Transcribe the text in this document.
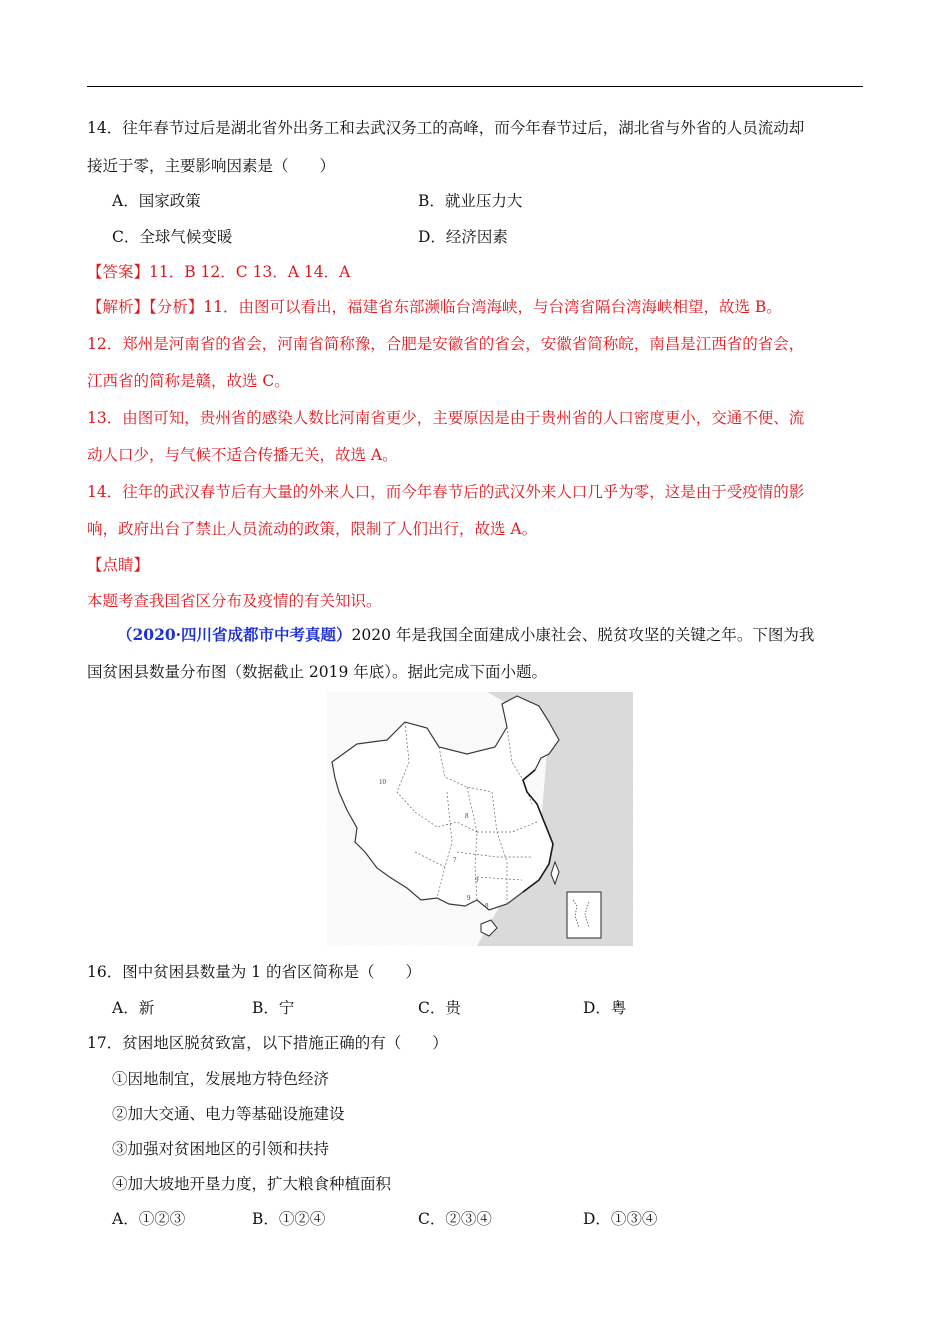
14．往年春节过后是湖北省外出务工和去武汉务工的高峰，而今年春节过后，湖北省与外省的人员流动却
接近于零，主要影响因素是（　　）
A．国家政策	B．就业压力大
C．全球气候变暖	D．经济因素
【答案】11．B 12．C 13．A 14．A
【解析】【分析】11．由图可以看出，福建省东部濒临台湾海峡，与台湾省隔台湾海峡相望，故选 B。
12．郑州是河南省的省会，河南省简称豫，合肥是安徽省的省会，安徽省简称皖，南昌是江西省的省会，
江西省的简称是赣，故选 C。
13．由图可知，贵州省的感染人数比河南省更少，主要原因是由于贵州省的人口密度更小，交通不便、流
动人口少，与气候不适合传播无关，故选 A。
14．往年的武汉春节后有大量的外来人口，而今年春节后的武汉外来人口几乎为零，这是由于受疫情的影
响，政府出台了禁止人员流动的政策，限制了人们出行，故选 A。
【点睛】
本题考查我国省区分布及疫情的有关知识。
（2020·四川省成都市中考真题）2020 年是我国全面建成小康社会、脱贫攻坚的关键之年。下图为我
国贫困县数量分布图（数据截止 2019 年底）。据此完成下面小题。
10
8
7
9
9
8
16．图中贫困县数量为 1 的省区简称是（　　）
A．新	B．宁	C．贵	D．粤
17．贫困地区脱贫致富，以下措施正确的有（　　）
①因地制宜，发展地方特色经济
②加大交通、电力等基础设施建设
③加强对贫困地区的引领和扶持
④加大坡地开垦力度，扩大粮食种植面积
A．①②③	B．①②④	C．②③④	D．①③④
